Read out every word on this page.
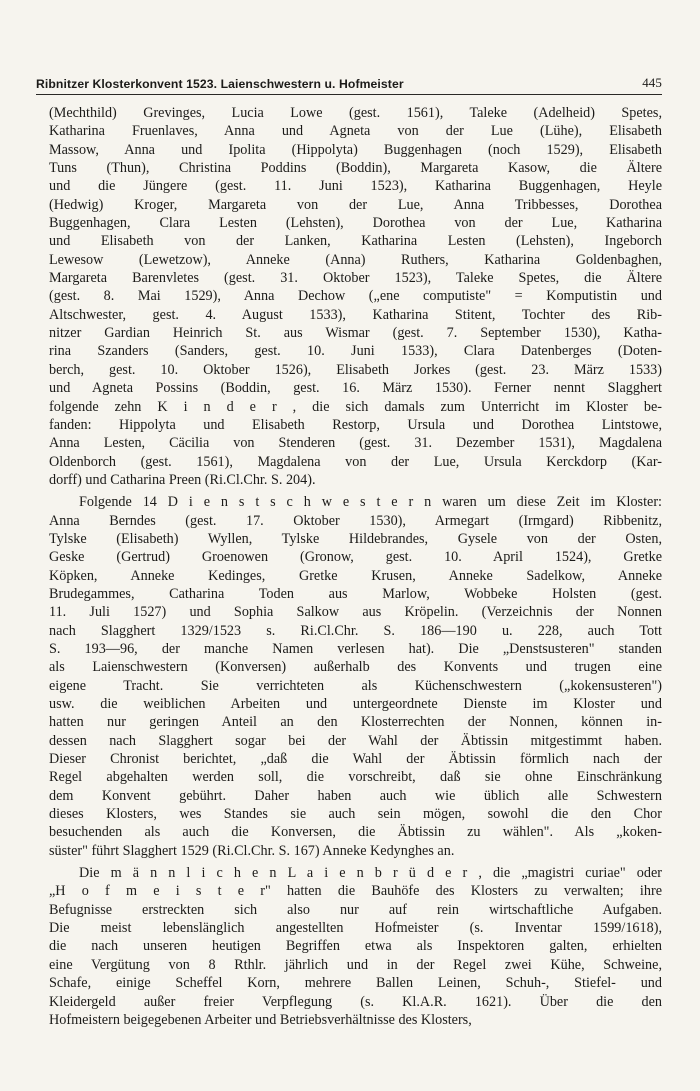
Ribnitzer Klosterkonvent 1523. Laienschwestern u. Hofmeister	445
(Mechthild) Grevinges, Lucia Lowe (gest. 1561), Taleke (Adelheid) Spetes,
Katharina Fruenlaves, Anna und Agneta von der Lue (Lühe), Elisabeth
Massow, Anna und Ipolita (Hippolyta) Buggenhagen (noch 1529), Elisabeth
Tuns (Thun), Christina Poddins (Boddin), Margareta Kasow, die Ältere
und die Jüngere (gest. 11. Juni 1523), Katharina Buggenhagen, Heyle
(Hedwig) Kroger, Margareta von der Lue, Anna Tribbesses, Dorothea
Buggenhagen, Clara Lesten (Lehsten), Dorothea von der Lue, Katharina
und Elisabeth von der Lanken, Katharina Lesten (Lehsten), Ingeborch
Lewesow (Lewetzow), Anneke (Anna) Ruthers, Katharina Goldenbaghen,
Margareta Barenvletes (gest. 31. Oktober 1523), Taleke Spetes, die Ältere
(gest. 8. Mai 1529), Anna Dechow („ene computiste" = Komputistin und
Altschwester, gest. 4. August 1533), Katharina Stitent, Tochter des Rib-
nitzer Gardian Heinrich St. aus Wismar (gest. 7. September 1530), Katha-
rina Szanders (Sanders, gest. 10. Juni 1533), Clara Datenberges (Doten-
berch, gest. 10. Oktober 1526), Elisabeth Jorkes (gest. 23. März 1533)
und Agneta Possins (Boddin, gest. 16. März 1530). Ferner nennt Slagghert
folgende zehn K i n d e r , die sich damals zum Unterricht im Kloster be-
fanden: Hippolyta und Elisabeth Restorp, Ursula und Dorothea Lintstowe,
Anna Lesten, Cäcilia von Stenderen (gest. 31. Dezember 1531), Magdalena
Oldenborch (gest. 1561), Magdalena von der Lue, Ursula Kerckdorp (Kar-
dorff) und Catharina Preen (Ri.Cl.Chr. S. 204).
Folgende 14 D i e n s t s c h w e s t e r n waren um diese Zeit im Kloster:
Anna Berndes (gest. 17. Oktober 1530), Armegart (Irmgard) Ribbenitz,
Tylske (Elisabeth) Wyllen, Tylske Hildebrandes, Gysele von der Osten,
Geske (Gertrud) Groenowen (Gronow, gest. 10. April 1524), Gretke
Köpken, Anneke Kedinges, Gretke Krusen, Anneke Sadelkow, Anneke
Brudegammes, Catharina Toden aus Marlow, Wobbeke Holsten (gest.
11. Juli 1527) und Sophia Salkow aus Kröpelin. (Verzeichnis der Nonnen
nach Slagghert 1329/1523 s. Ri.Cl.Chr. S. 186—190 u. 228, auch Tott
S. 193—96, der manche Namen verlesen hat). Die „Denstsusteren" standen
als Laienschwestern (Konversen) außerhalb des Konvents und trugen eine
eigene Tracht. Sie verrichteten als Küchenschwestern („kokensusteren")
usw. die weiblichen Arbeiten und untergeordnete Dienste im Kloster und
hatten nur geringen Anteil an den Klosterrechten der Nonnen, können in-
dessen nach Slagghert sogar bei der Wahl der Äbtissin mitgestimmt haben.
Dieser Chronist berichtet, „daß die Wahl der Äbtissin förmlich nach der
Regel abgehalten werden soll, die vorschreibt, daß sie ohne Einschränkung
dem Konvent gebührt. Daher haben auch wie üblich alle Schwestern
dieses Klosters, wes Standes sie auch sein mögen, sowohl die den Chor
besuchenden als auch die Konversen, die Äbtissin zu wählen". Als „koken-
süster" führt Slagghert 1529 (Ri.Cl.Chr. S. 167) Anneke Kedynghes an.
Die m ä n n l i c h e n L a i e n b r ü d e r , die „magistri curiae" oder
„H o f m e i s t e r" hatten die Bauhöfe des Klosters zu verwalten; ihre
Befugnisse erstreckten sich also nur auf rein wirtschaftliche Aufgaben.
Die meist lebenslänglich angestellten Hofmeister (s. Inventar 1599/1618),
die nach unseren heutigen Begriffen etwa als Inspektoren galten, erhielten
eine Vergütung von 8 Rthlr. jährlich und in der Regel zwei Kühe, Schweine,
Schafe, einige Scheffel Korn, mehrere Ballen Leinen, Schuh-, Stiefel- und
Kleidergeld außer freier Verpflegung (s. Kl.A.R. 1621). Über die den
Hofmeistern beigegebenen Arbeiter und Betriebsverhältnisse des Klosters,
